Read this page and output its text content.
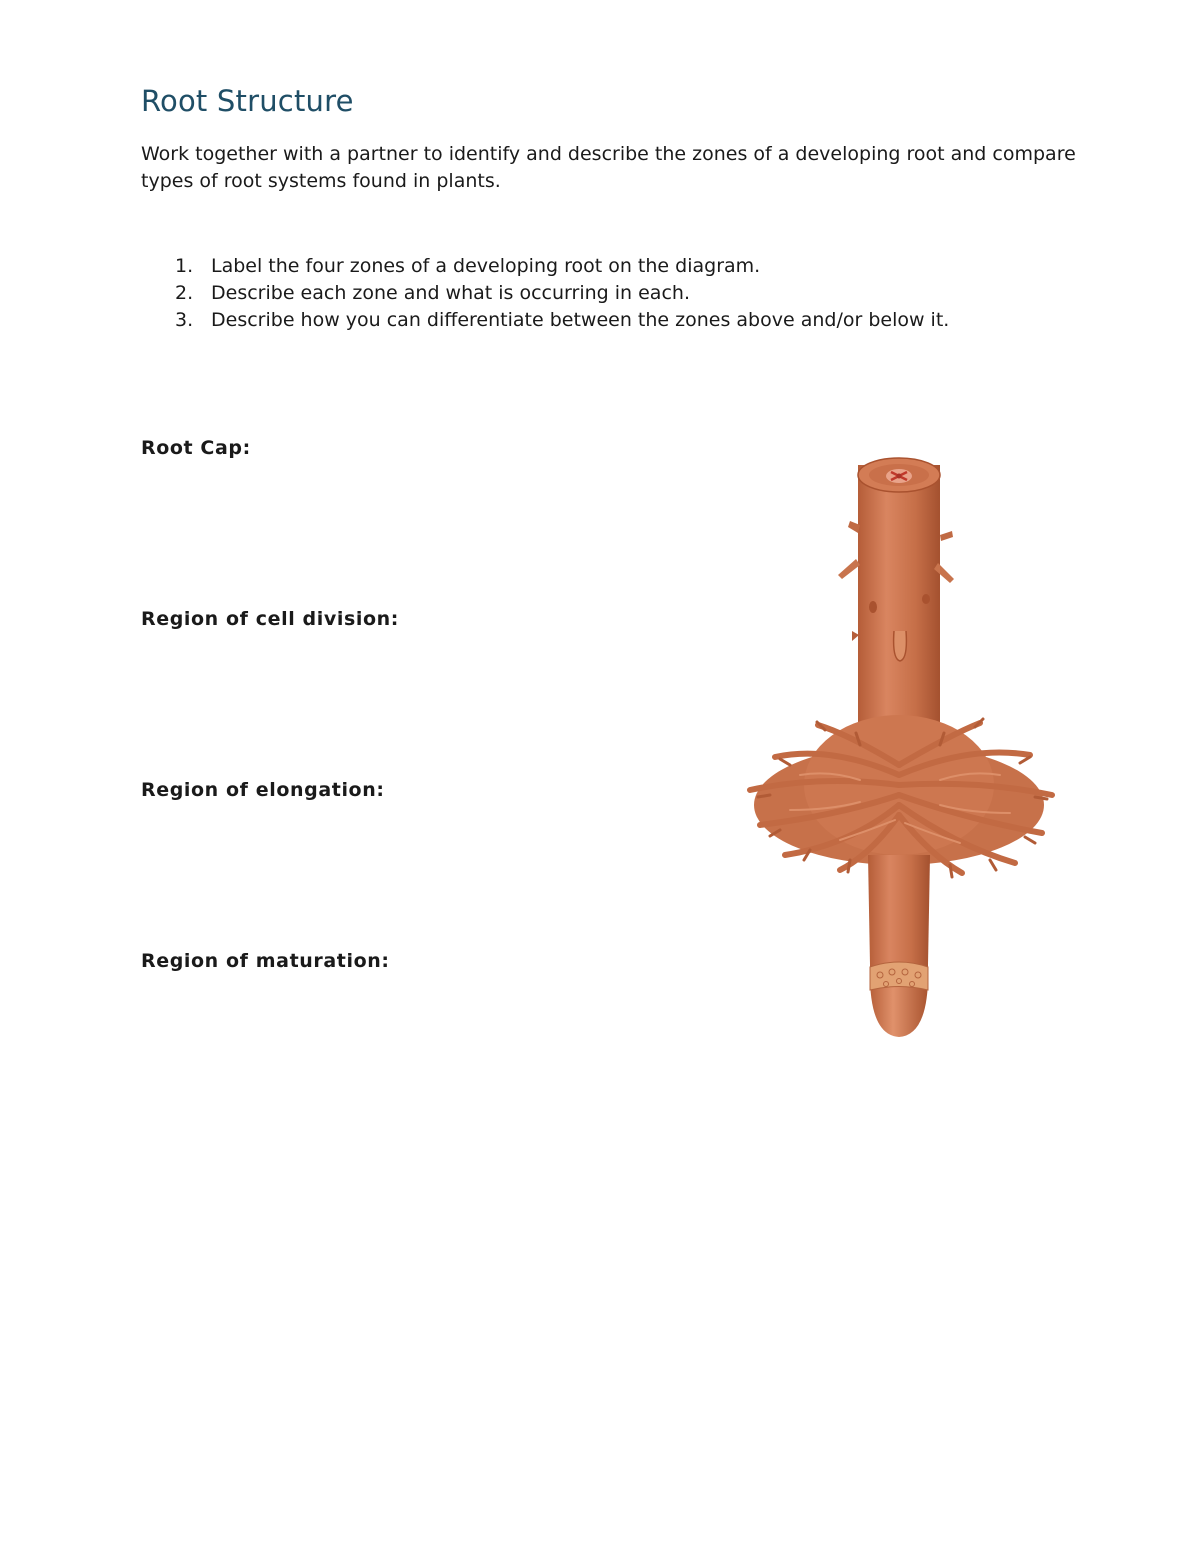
Root Structure

Work together with a partner to identify and describe the zones of a developing root and compare types of root systems found in plants.

1. Label the four zones of a developing root on the diagram.
2. Describe each zone and what is occurring in each.
3. Describe how you can differentiate between the zones above and/or below it.

Root Cap:

Region of cell division:

Region of elongation:

Region of maturation:
